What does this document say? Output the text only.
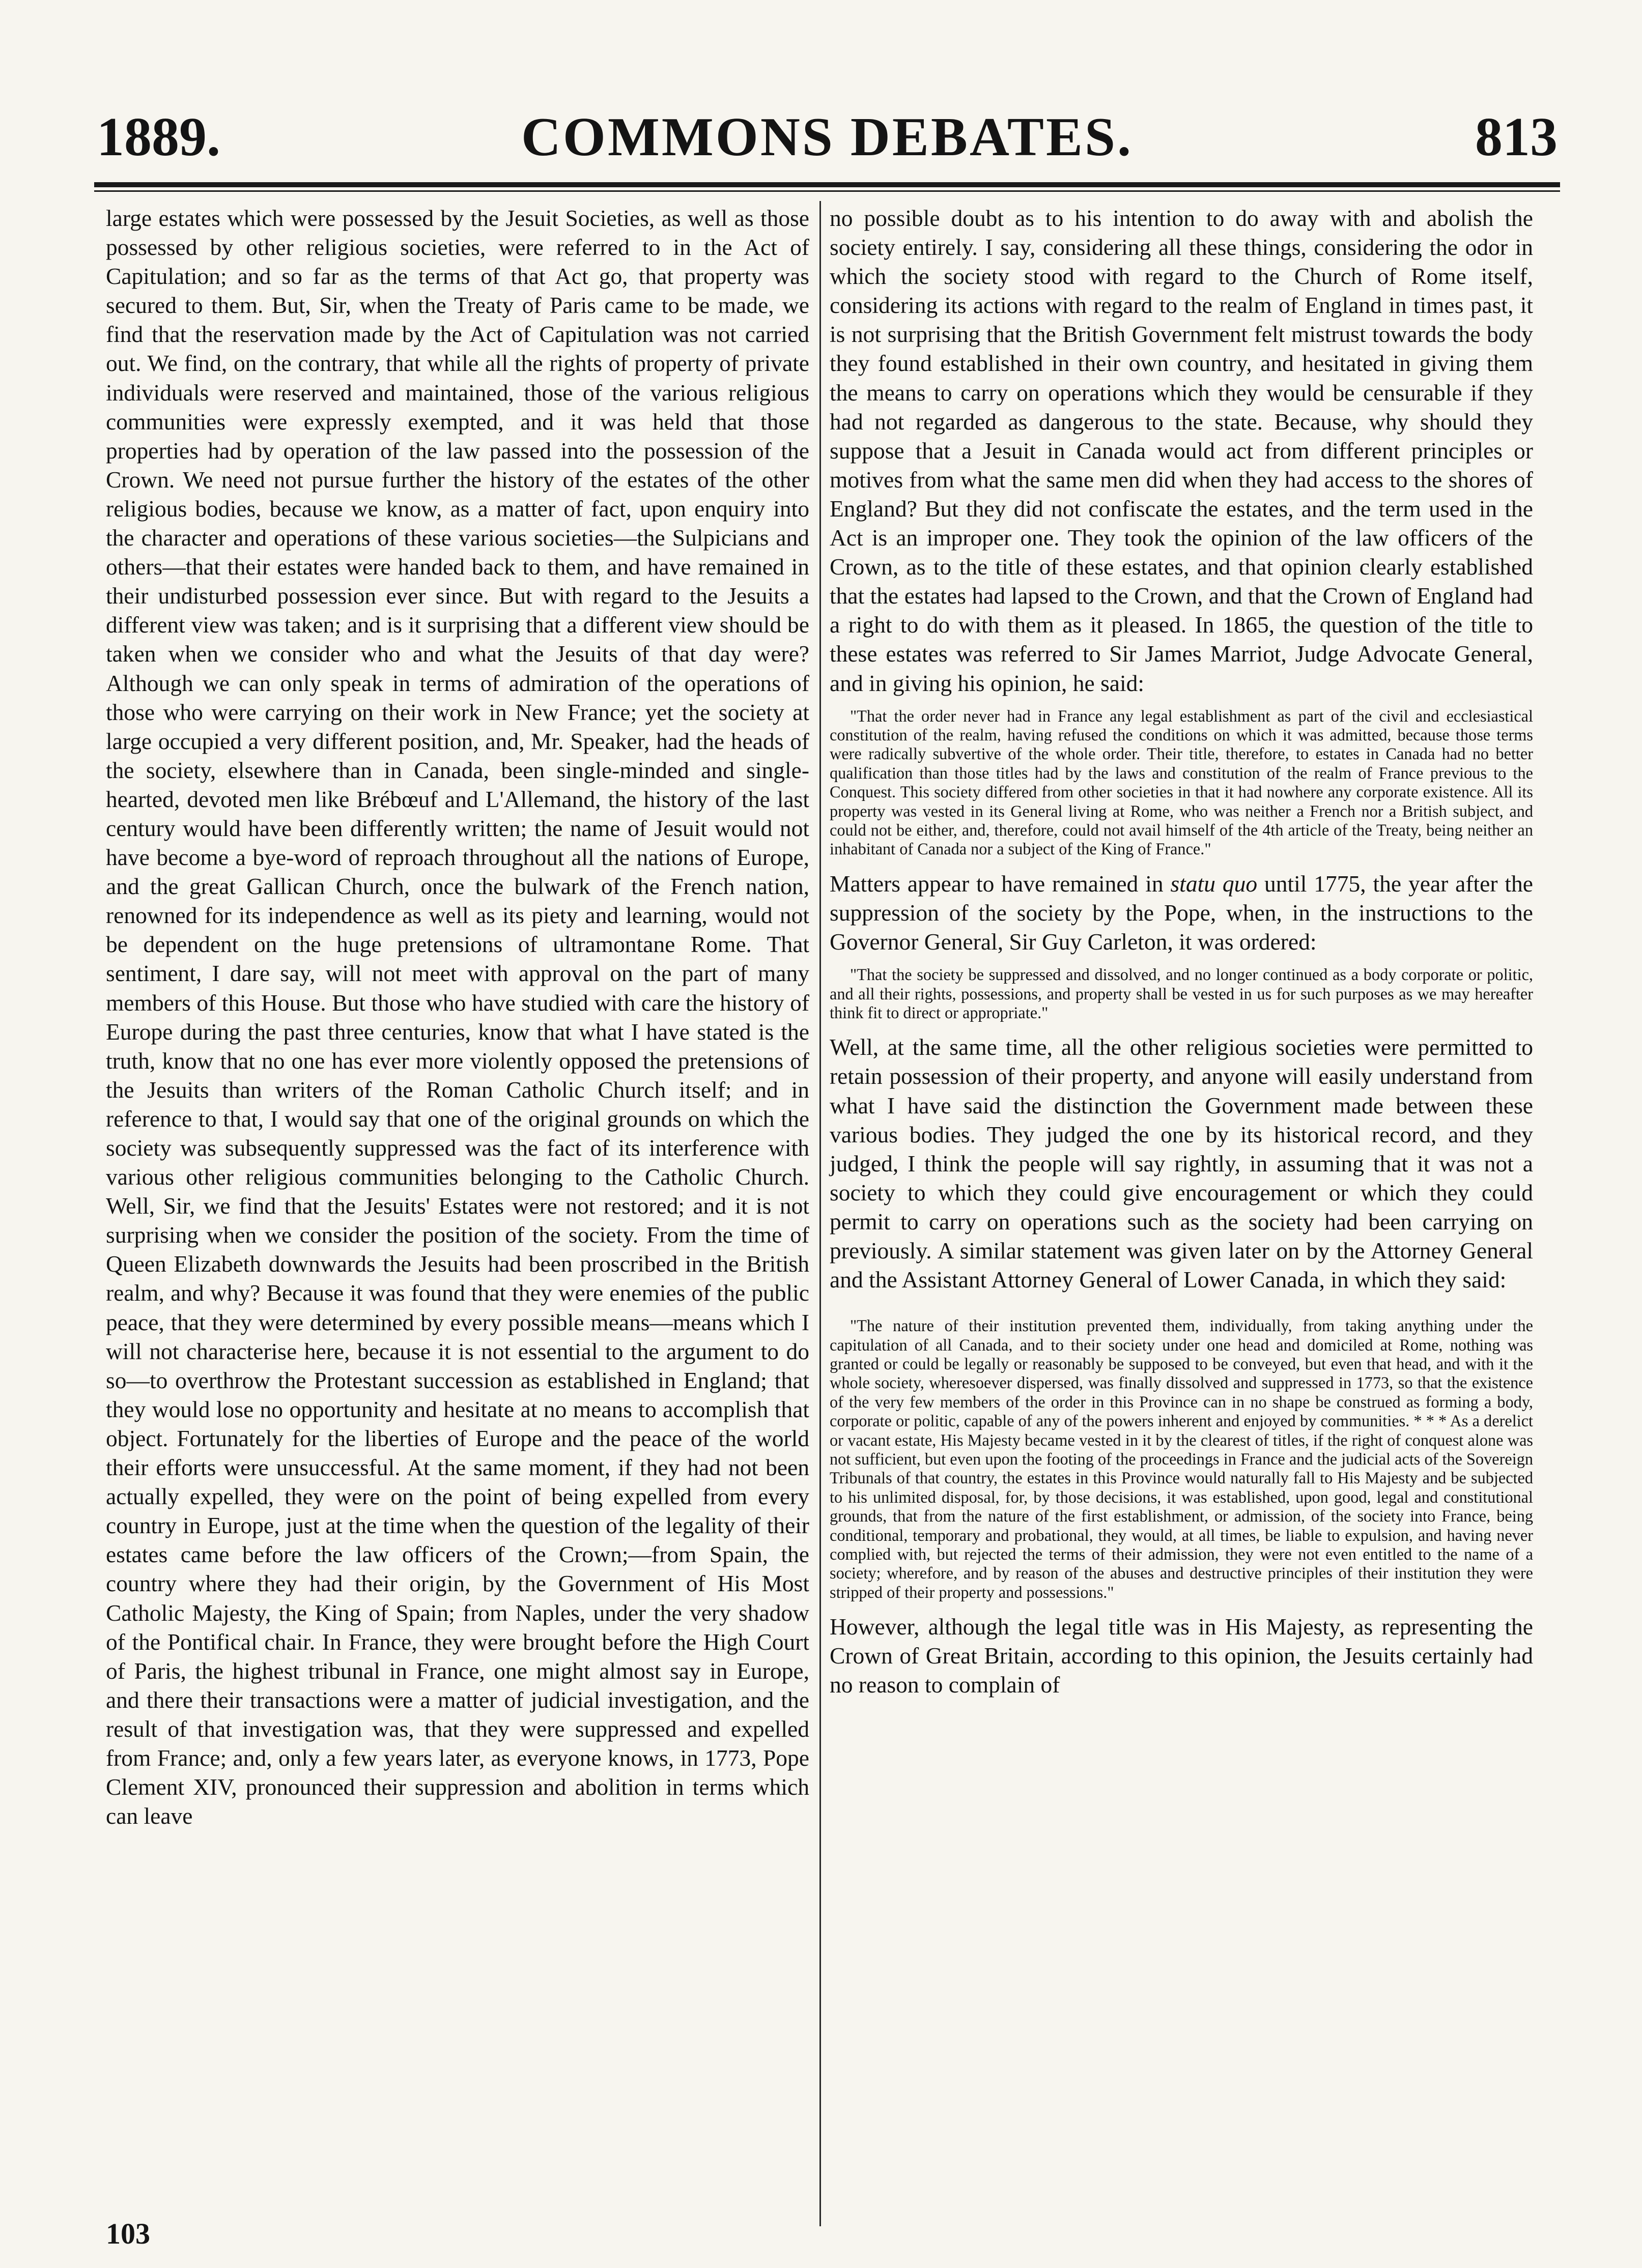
COMMONS DEBATES.
1889.	813

large estates which were possessed by the Jesuit Societies, as well as those possessed by other religious societies, were referred to in the Act of Capitulation; and so far as the terms of that Act go, that property was secured to them. But, Sir, when the Treaty of Paris came to be made, we find that the reservation made by the Act of Capitulation was not carried out. We find, on the contrary, that while all the rights of property of private individuals were reserved and maintained, those of the various religious communities were expressly exempted, and it was held that those properties had by operation of the law passed into the possession of the Crown. We need not pursue further the history of the estates of the other religious bodies, because we know, as a matter of fact, upon enquiry into the character and operations of these various societies—the Sulpicians and others—that their estates were handed back to them, and have remained in their undisturbed possession ever since. But with regard to the Jesuits a different view was taken; and is it surprising that a different view should be taken when we consider who and what the Jesuits of that day were? Although we can only speak in terms of admiration of the operations of those who were carrying on their work in New France; yet the society at large occupied a very different position, and, Mr. Speaker, had the heads of the society, elsewhere than in Canada, been single-minded and single-hearted, devoted men like Brébœuf and L'Allemand, the history of the last century would have been differently written; the name of Jesuit would not have become a bye-word of reproach throughout all the nations of Europe, and the great Gallican Church, once the bulwark of the French nation, renowned for its independence as well as its piety and learning, would not be dependent on the huge pretensions of ultramontane Rome. That sentiment, I dare say, will not meet with approval on the part of many members of this House. But those who have studied with care the history of Europe during the past three centuries, know that what I have stated is the truth, know that no one has ever more violently opposed the pretensions of the Jesuits than writers of the Roman Catholic Church itself; and in reference to that, I would say that one of the original grounds on which the society was subsequently suppressed was the fact of its interference with various other religious communities belonging to the Catholic Church. Well, Sir, we find that the Jesuits' Estates were not restored; and it is not surprising when we consider the position of the society. From the time of Queen Elizabeth downwards the Jesuits had been proscribed in the British realm, and why? Because it was found that they were enemies of the public peace, that they were determined by every possible means—means which I will not characterise here, because it is not essential to the argument to do so—to overthrow the Protestant succession as established in England; that they would lose no opportunity and hesitate at no means to accomplish that object. Fortunately for the liberties of Europe and the peace of the world their efforts were unsuccessful. At the same moment, if they had not been actually expelled, they were on the point of being expelled from every country in Europe, just at the time when the question of the legality of their estates came before the law officers of the Crown;—from Spain, the country where they had their origin, by the Government of His Most Catholic Majesty, the King of Spain; from Naples, under the very shadow of the Pontifical chair. In France, they were brought before the High Court of Paris, the highest tribunal in France, one might almost say in Europe, and there their transactions were a matter of judicial investigation, and the result of that investigation was, that they were suppressed and expelled from France; and, only a few years later, as everyone knows, in 1773, Pope Clement XIV, pronounced their suppression and abolition in terms which can leave

no possible doubt as to his intention to do away with and abolish the society entirely. I say, considering all these things, considering the odor in which the society stood with regard to the Church of Rome itself, considering its actions with regard to the realm of England in times past, it is not surprising that the British Government felt mistrust towards the body they found established in their own country, and hesitated in giving them the means to carry on operations which they would be censurable if they had not regarded as dangerous to the state. Because, why should they suppose that a Jesuit in Canada would act from different principles or motives from what the same men did when they had access to the shores of England? But they did not confiscate the estates, and the term used in the Act is an improper one. They took the opinion of the law officers of the Crown, as to the title of these estates, and that opinion clearly established that the estates had lapsed to the Crown, and that the Crown of England had a right to do with them as it pleased. In 1865, the question of the title to these estates was referred to Sir James Marriot, Judge Advocate General, and in giving his opinion, he said:

"That the order never had in France any legal establishment as part of the civil and ecclesiastical constitution of the realm, having refused the conditions on which it was admitted, because those terms were radically subvertive of the whole order. Their title, therefore, to estates in Canada had no better qualification than those titles had by the laws and constitution of the realm of France previous to the Conquest. This society differed from other societies in that it had nowhere any corporate existence. All its property was vested in its General living at Rome, who was neither a French nor a British subject, and could not be either, and, therefore, could not avail himself of the 4th article of the Treaty, being neither an inhabitant of Canada nor a subject of the King of France."

Matters appear to have remained in statu quo until 1775, the year after the suppression of the society by the Pope, when, in the instructions to the Governor General, Sir Guy Carleton, it was ordered:

"That the society be suppressed and dissolved, and no longer continued as a body corporate or politic, and all their rights, possessions, and property shall be vested in us for such purposes as we may hereafter think fit to direct or appropriate."

Well, at the same time, all the other religious societies were permitted to retain possession of their property, and anyone will easily understand from what I have said the distinction the Government made between these various bodies. They judged the one by its historical record, and they judged, I think the people will say rightly, in assuming that it was not a society to which they could give encouragement or which they could permit to carry on operations such as the society had been carrying on previously. A similar statement was given later on by the Attorney General and the Assistant Attorney General of Lower Canada, in which they said:

"The nature of their institution prevented them, individually, from taking anything under the capitulation of all Canada, and to their society under one head and domiciled at Rome, nothing was granted or could be legally or reasonably be supposed to be conveyed, but even that head, and with it the whole society, wheresoever dispersed, was finally dissolved and suppressed in 1773, so that the existence of the very few members of the order in this Province can in no shape be construed as forming a body, corporate or politic, capable of any of the powers inherent and enjoyed by communities. * * * As a derelict or vacant estate, His Majesty became vested in it by the clearest of titles, if the right of conquest alone was not sufficient, but even upon the footing of the proceedings in France and the judicial acts of the Sovereign Tribunals of that country, the estates in this Province would naturally fall to His Majesty and be subjected to his unlimited disposal, for, by those decisions, it was established, upon good, legal and constitutional grounds, that from the nature of the first establishment, or admission, of the society into France, being conditional, temporary and probational, they would, at all times, be liable to expulsion, and having never complied with, but rejected the terms of their admission, they were not even entitled to the name of a society; wherefore, and by reason of the abuses and destructive principles of their institution they were stripped of their property and possessions."

However, although the legal title was in His Majesty, as representing the Crown of Great Britain, according to this opinion, the Jesuits certainly had no reason to complain of

103
